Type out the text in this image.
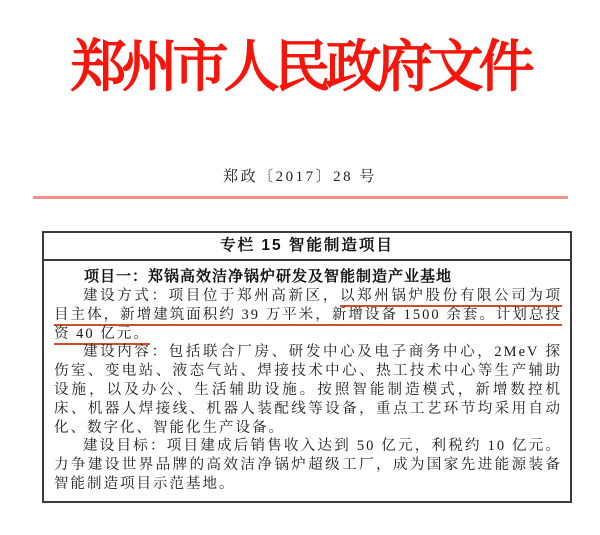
郑州市人民政府文件
郑政〔2017〕28 号
专栏 15 智能制造项目
项目一：郑锅高效洁净锅炉研发及智能制造产业基地
建设方式：项目位于郑州高新区，以郑州锅炉股份有限公司为项
目主体，新增建筑面积约 39 万平米，新增设备 1500 余套。计划总投
资 40 亿元。
建设内容：包括联合厂房、研发中心及电子商务中心，2MeV 探
伤室、变电站、液态气站、焊接技术中心、热工技术中心等生产辅助
设施，以及办公、生活辅助设施。按照智能制造模式，新增数控机
床、机器人焊接线、机器人装配线等设备，重点工艺环节均采用自动
化、数字化、智能化生产设备。
建设目标：项目建成后销售收入达到 50 亿元，利税约 10 亿元。
力争建设世界品牌的高效洁净锅炉超级工厂，成为国家先进能源装备
智能制造项目示范基地。
